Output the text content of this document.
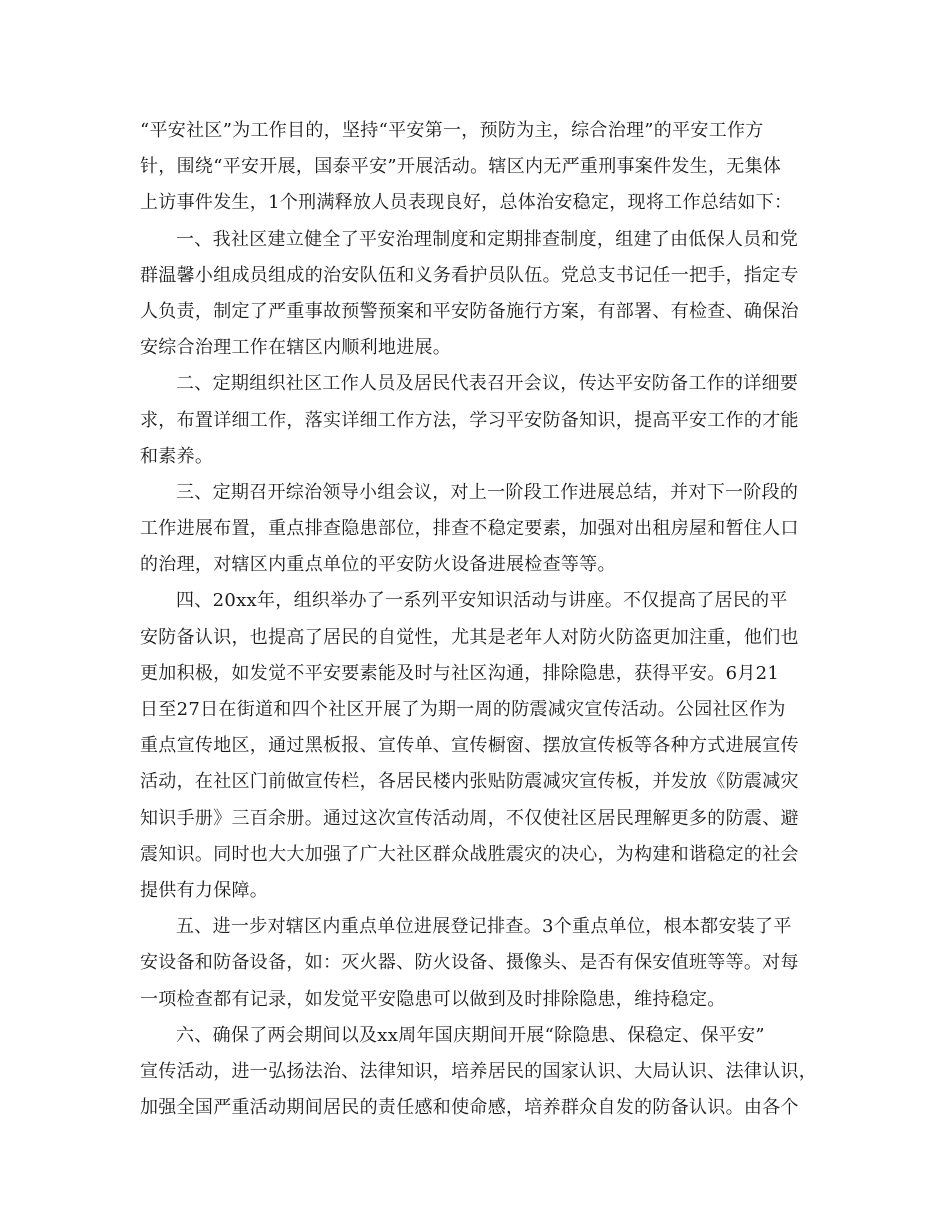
“平安社区”为工作目的，坚持“平安第一，预防为主，综合治理”的平安工作方
针，围绕“平安开展，国泰平安”开展活动。辖区内无严重刑事案件发生，无集体
上访事件发生，1个刑满释放人员表现良好，总体治安稳定，现将工作总结如下：
一、我社区建立健全了平安治理制度和定期排查制度，组建了由低保人员和党
群温馨小组成员组成的治安队伍和义务看护员队伍。党总支书记任一把手，指定专
人负责，制定了严重事故预警预案和平安防备施行方案，有部署、有检查、确保治
安综合治理工作在辖区内顺利地进展。
二、定期组织社区工作人员及居民代表召开会议，传达平安防备工作的详细要
求，布置详细工作，落实详细工作方法，学习平安防备知识，提高平安工作的才能
和素养。
三、定期召开综治领导小组会议，对上一阶段工作进展总结，并对下一阶段的
工作进展布置，重点排查隐患部位，排查不稳定要素，加强对出租房屋和暂住人口
的治理，对辖区内重点单位的平安防火设备进展检查等等。
四、20xx年，组织举办了一系列平安知识活动与讲座。不仅提高了居民的平
安防备认识，也提高了居民的自觉性，尤其是老年人对防火防盗更加注重，他们也
更加积极，如发觉不平安要素能及时与社区沟通，排除隐患，获得平安。6月21
日至27日在街道和四个社区开展了为期一周的防震减灾宣传活动。公园社区作为
重点宣传地区，通过黑板报、宣传单、宣传橱窗、摆放宣传板等各种方式进展宣传
活动，在社区门前做宣传栏，各居民楼内张贴防震减灾宣传板，并发放《防震减灾
知识手册》三百余册。通过这次宣传活动周，不仅使社区居民理解更多的防震、避
震知识。同时也大大加强了广大社区群众战胜震灾的决心，为构建和谐稳定的社会
提供有力保障。
五、进一步对辖区内重点单位进展登记排查。3个重点单位，根本都安装了平
安设备和防备设备，如：灭火器、防火设备、摄像头、是否有保安值班等等。对每
一项检查都有记录，如发觉平安隐患可以做到及时排除隐患，维持稳定。
六、确保了两会期间以及xx周年国庆期间开展“除隐患、保稳定、保平安”
宣传活动，进一弘扬法治、法律知识，培养居民的国家认识、大局认识、法律认识，
加强全国严重活动期间居民的责任感和使命感，培养群众自发的防备认识。由各个
